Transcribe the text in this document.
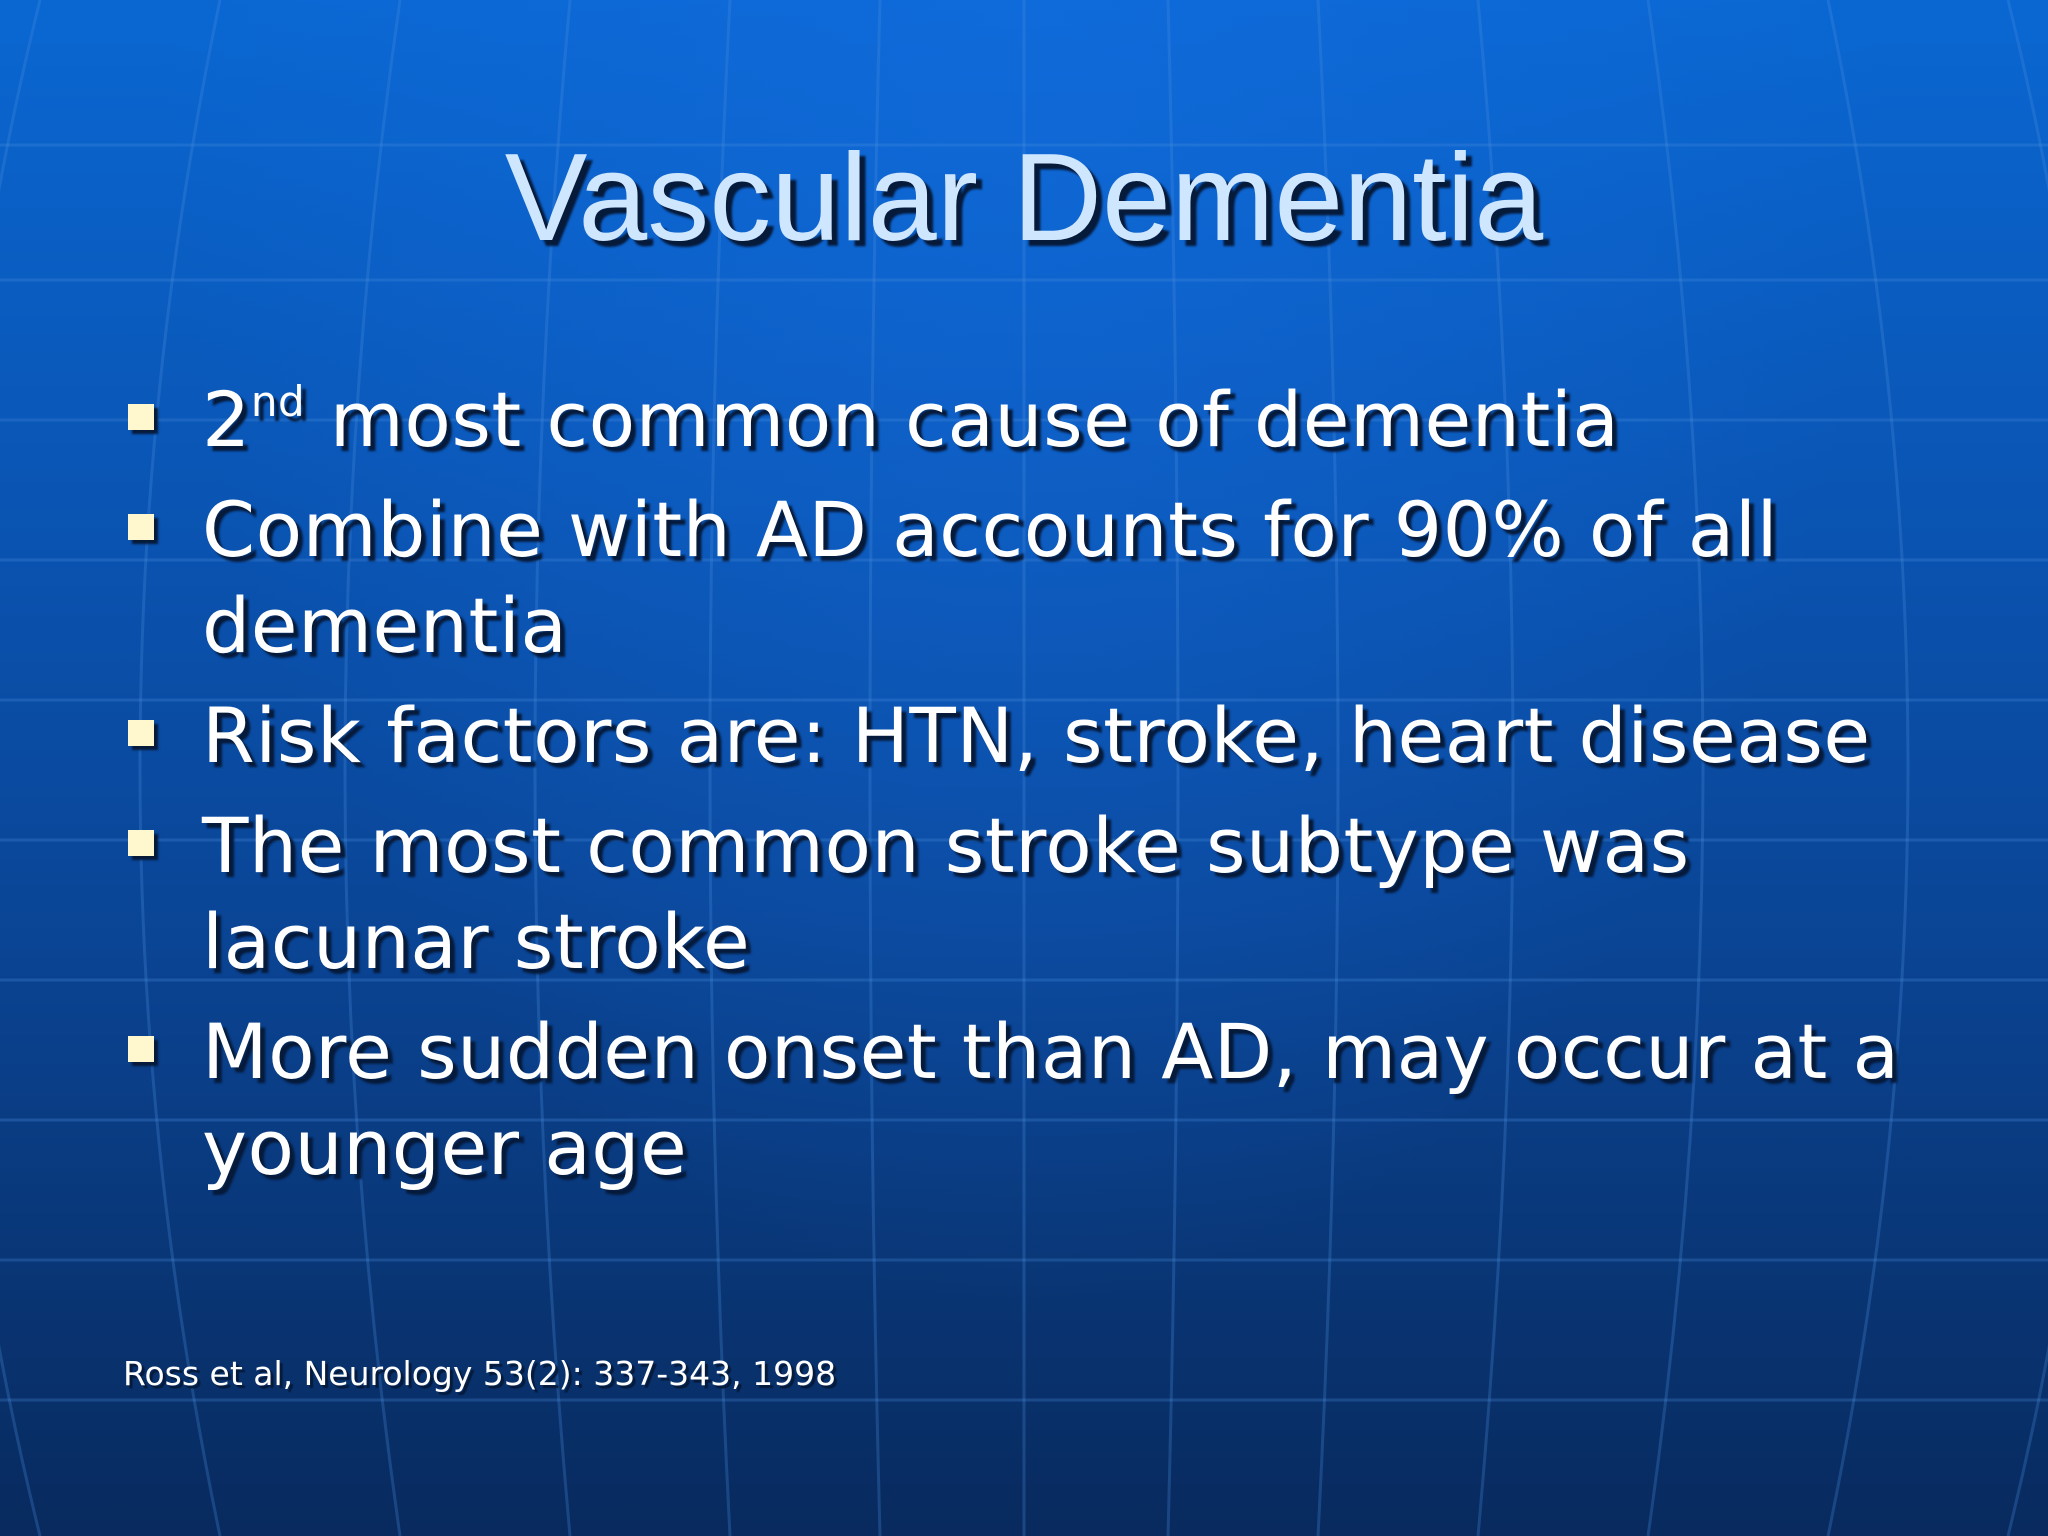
Vascular Dementia
2nd most common cause of dementia
Combine with AD accounts for 90% of all dementia
Risk factors are: HTN, stroke, heart disease
The most common stroke subtype was lacunar stroke
More sudden onset than AD, may occur at a younger age

Ross et al, Neurology 53(2): 337-343, 1998
